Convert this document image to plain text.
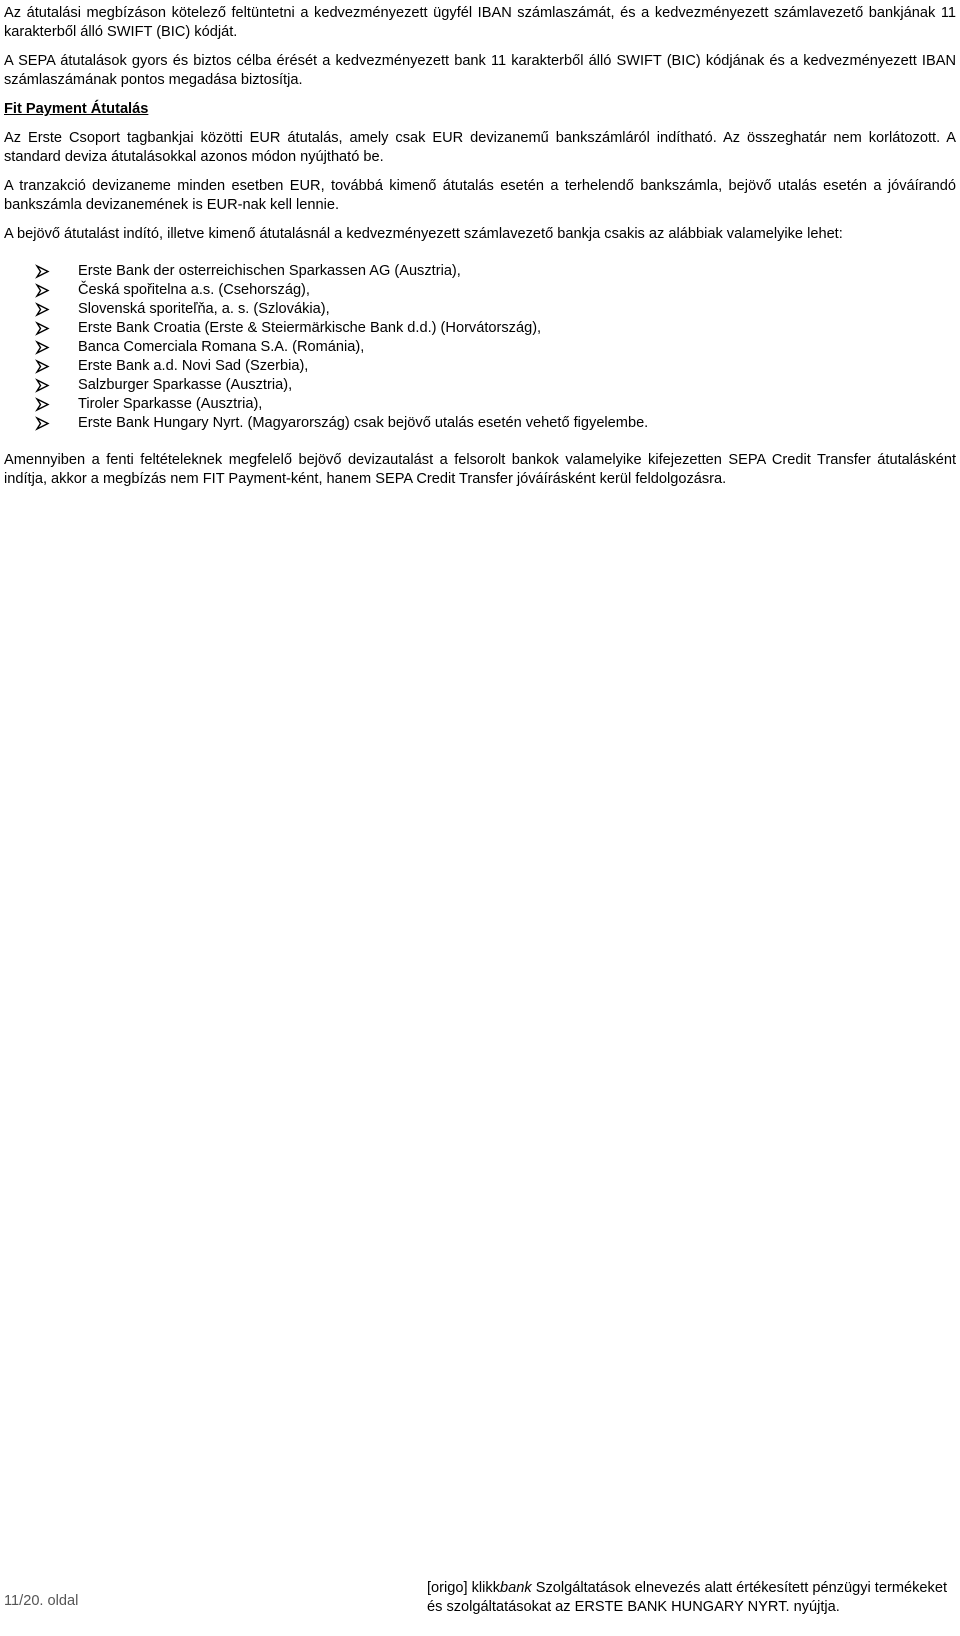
Az átutalási megbízáson kötelező feltüntetni a kedvezményezett ügyfél IBAN számlaszámát, és a kedvezményezett számlavezető bankjának 11 karakterből álló SWIFT (BIC) kódját.

A SEPA átutalások gyors és biztos célba érését a kedvezményezett bank 11 karakterből álló SWIFT (BIC) kódjának és a kedvezményezett IBAN számlaszámának pontos megadása biztosítja.

Fit Payment Átutalás

Az Erste Csoport tagbankjai közötti EUR átutalás, amely csak EUR devizanemű bankszámláról indítható. Az összeghatár nem korlátozott. A standard deviza átutalásokkal azonos módon nyújtható be.

A tranzakció devizaneme minden esetben EUR, továbbá kimenő átutalás esetén a terhelendő bankszámla, bejövő utalás esetén a jóváírandó bankszámla devizanemének is EUR-nak kell lennie.

A bejövő átutalást indító, illetve kimenő átutalásnál a kedvezményezett számlavezető bankja csakis az alábbiak valamelyike lehet:

Erste Bank der osterreichischen Sparkassen AG (Ausztria),
Česká spořitelna a.s. (Csehország),
Slovenská sporiteľňa, a. s. (Szlovákia),
Erste Bank Croatia (Erste & Steiermärkische Bank d.d.) (Horvátország),
Banca Comerciala Romana S.A. (Románia),
Erste Bank a.d. Novi Sad (Szerbia),
Salzburger Sparkasse (Ausztria),
Tiroler Sparkasse (Ausztria),
Erste Bank Hungary Nyrt. (Magyarország) csak bejövő utalás esetén vehető figyelembe.

Amennyiben a fenti feltételeknek megfelelő bejövő devizautalást a felsorolt bankok valamelyike kifejezetten SEPA Credit Transfer átutalásként indítja, akkor a megbízás nem FIT Payment-ként, hanem SEPA Credit Transfer jóváírásként kerül feldolgozásra.

11/20. oldal
[origo] klikkbank Szolgáltatások elnevezés alatt értékesített pénzügyi termékeket és szolgáltatásokat az ERSTE BANK HUNGARY NYRT. nyújtja.
